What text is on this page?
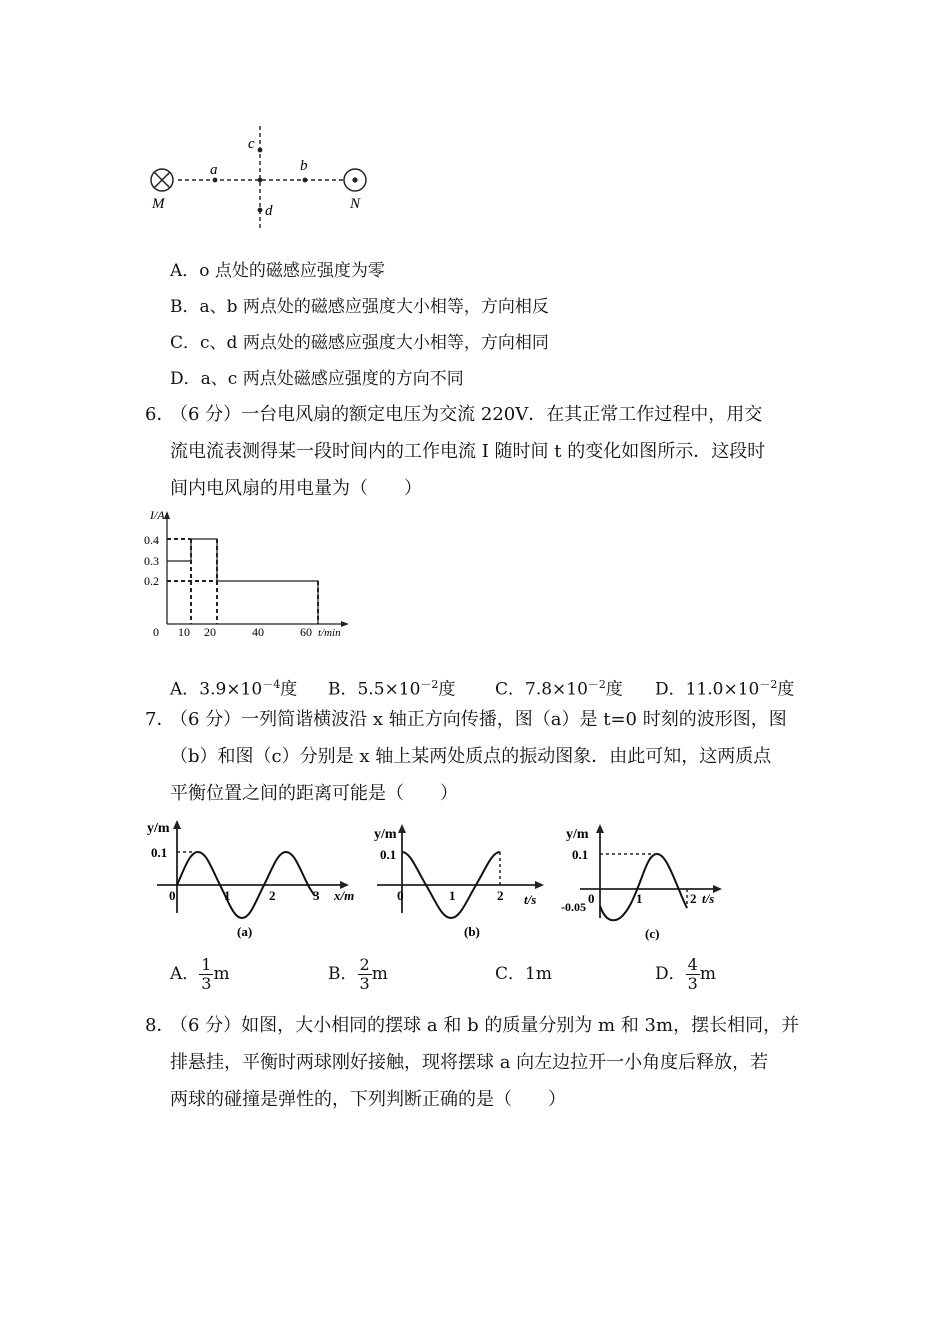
M	N
a	b
c
d
A．o 点处的磁感应强度为零
B．a、b 两点处的磁感应强度大小相等，方向相反
C．c、d 两点处的磁感应强度大小相等，方向相同
D．a、c 两点处磁感应强度的方向不同
6．
（6 分）一台电风扇的额定电压为交流 220V．在其正常工作过程中，用交
流电流表测得某一段时间内的工作电流 I 随时间 t 的变化如图所示．这段时
间内电风扇的用电量为（　　）
I/A
0.4
0.3
0.2
0 10 20	40	60 t/min
A．$3.9\times 10^{-4}$度 B．$5.5\times 10^{-2}$度 C．$7.8\times 10^{-2}$度 D．$11.0\times 10^{-2}$度
7．
（6 分）一列简谐横波沿 x 轴正方向传播，图（a）是 t=0 时刻的波形图，图
（b）和图（c）分别是 x 轴上某两处质点的振动图象．由此可知，这两质点
平衡位置之间的距离可能是（　　）
y/m
0.1
0	1	2	3 x/m
(a)
y/m
0.1
0	1	2 t/s
(b)
y/m
0.1
-0.05
0	1	2 t/s
(c)
A． $\frac{1}{3}$ m	B． $\frac{2}{3}$ m	C．1m	D． $\frac{4}{3}$ m
8．
（6 分）如图，大小相同的摆球 a 和 b 的质量分别为 m 和 3m，摆长相同，并
排悬挂，平衡时两球刚好接触，现将摆球 a 向左边拉开一小角度后释放，若
两球的碰撞是弹性的，下列判断正确的是（　　）
